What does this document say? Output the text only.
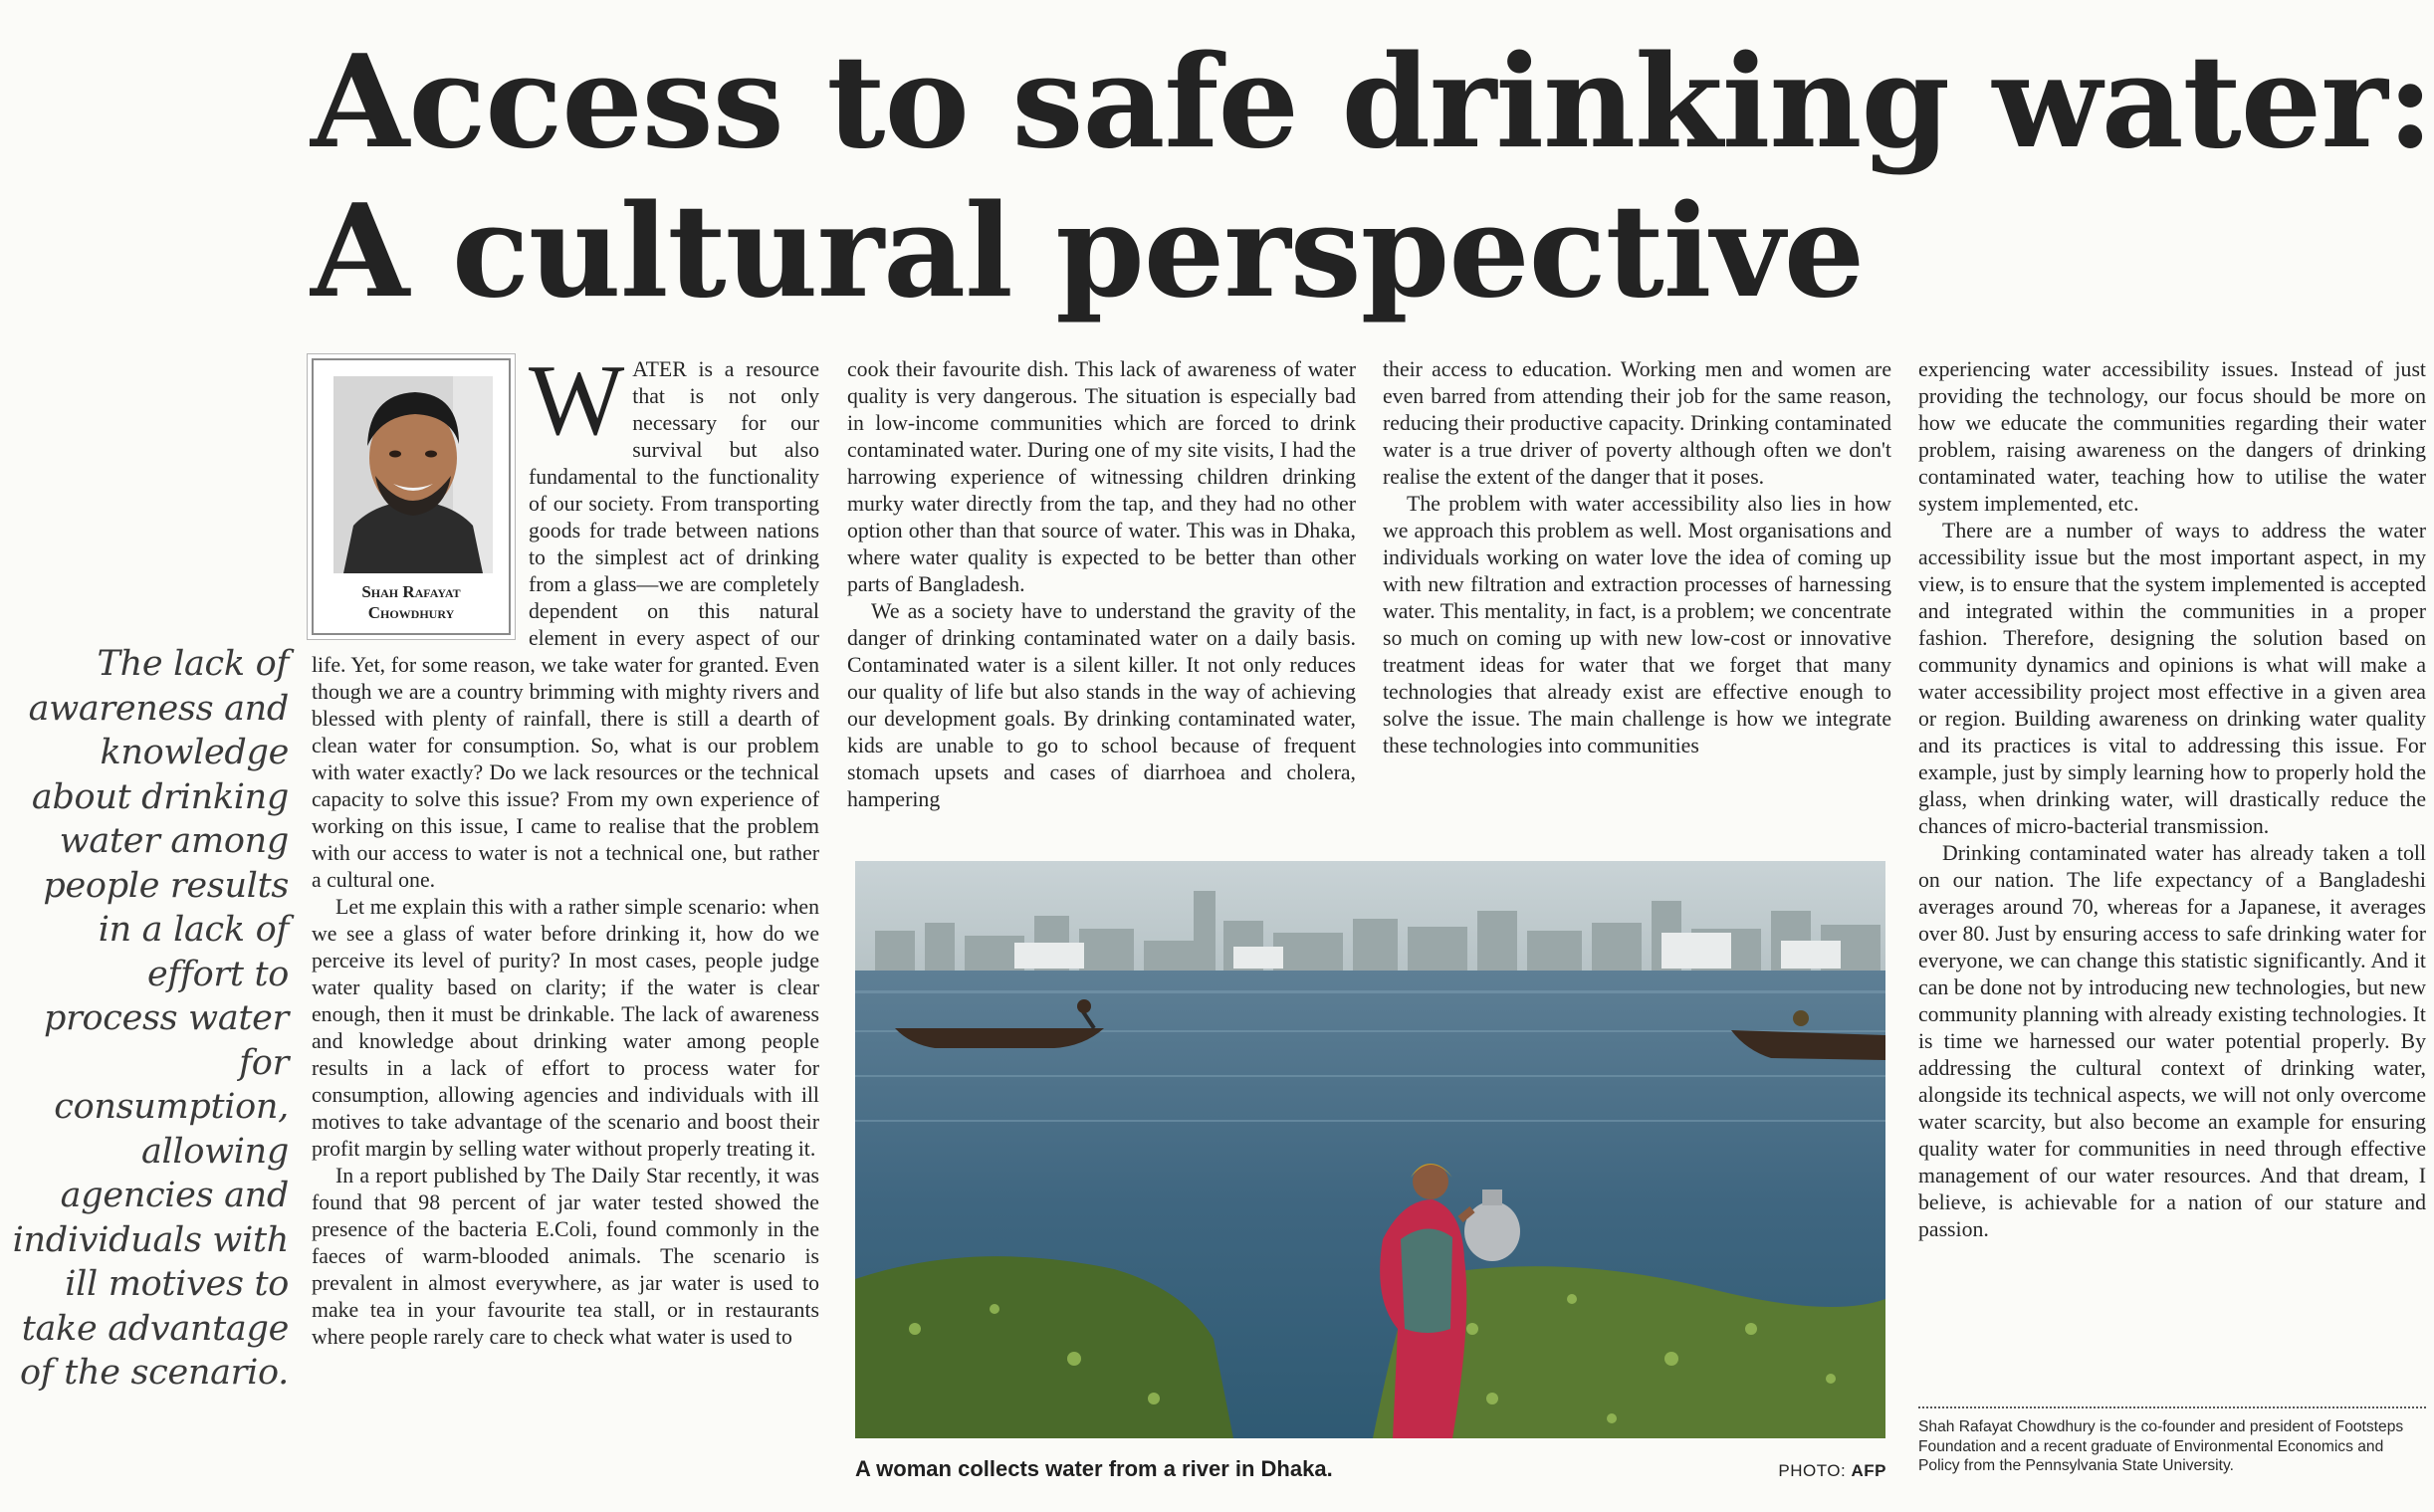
Access to safe drinking water:
A cultural perspective

The lack of awareness and knowledge about drinking water among people results in a lack of effort to process water for consumption, allowing agencies and individuals with ill motives to take advantage of the scenario.

Shah Rafayat
Chowdhury

WATER is a resource that is not only necessary for our survival but also fundamental to the functionality of our society. From transporting goods for trade between nations to the simplest act of drinking from a glass—we are completely dependent on this natural element in every aspect of our life. Yet, for some reason, we take water for granted. Even though we are a country brimming with mighty rivers and blessed with plenty of rainfall, there is still a dearth of clean water for consumption. So, what is our problem with water exactly? Do we lack resources or the technical capacity to solve this issue? From my own experience of working on this issue, I came to realise that the problem with our access to water is not a technical one, but rather a cultural one.

Let me explain this with a rather simple scenario: when we see a glass of water before drinking it, how do we perceive its level of purity? In most cases, people judge water quality based on clarity; if the water is clear enough, then it must be drinkable. The lack of awareness and knowledge about drinking water among people results in a lack of effort to process water for consumption, allowing agencies and individuals with ill motives to take advantage of the scenario and boost their profit margin by selling water without properly treating it.

In a report published by The Daily Star recently, it was found that 98 percent of jar water tested showed the presence of the bacteria E.Coli, found commonly in the faeces of warm-blooded animals. The scenario is prevalent in almost everywhere, as jar water is used to make tea in your favourite tea stall, or in restaurants where people rarely care to check what water is used to

cook their favourite dish. This lack of awareness of water quality is very dangerous. The situation is especially bad in low-income communities which are forced to drink contaminated water. During one of my site visits, I had the harrowing experience of witnessing children drinking murky water directly from the tap, and they had no other option other than that source of water. This was in Dhaka, where water quality is expected to be better than other parts of Bangladesh.

We as a society have to understand the gravity of the danger of drinking contaminated water on a daily basis. Contaminated water is a silent killer. It not only reduces our quality of life but also stands in the way of achieving our development goals. By drinking contaminated water, kids are unable to go to school because of frequent stomach upsets and cases of diarrhoea and cholera, hampering

their access to education. Working men and women are even barred from attending their job for the same reason, reducing their productive capacity. Drinking contaminated water is a true driver of poverty although often we don't realise the extent of the danger that it poses.

The problem with water accessibility also lies in how we approach this problem as well. Most organisations and individuals working on water love the idea of coming up with new filtration and extraction processes of harnessing water. This mentality, in fact, is a problem; we concentrate so much on coming up with new low-cost or innovative treatment ideas for water that we forget that many technologies that already exist are effective enough to solve the issue. The main challenge is how we integrate these technologies into communities

experiencing water accessibility issues. Instead of just providing the technology, our focus should be more on how we educate the communities regarding their water problem, raising awareness on the dangers of drinking contaminated water, teaching how to utilise the water system implemented, etc.

There are a number of ways to address the water accessibility issue but the most important aspect, in my view, is to ensure that the system implemented is accepted and integrated within the communities in a proper fashion. Therefore, designing the solution based on community dynamics and opinions is what will make a water accessibility project most effective in a given area or region. Building awareness on drinking water quality and its practices is vital to addressing this issue. For example, just by simply learning how to properly hold the glass, when drinking water, will drastically reduce the chances of micro-bacterial transmission.

Drinking contaminated water has already taken a toll on our nation. The life expectancy of a Bangladeshi averages around 70, whereas for a Japanese, it averages over 80. Just by ensuring access to safe drinking water for everyone, we can change this statistic significantly. And it can be done not by introducing new technologies, but new community planning with already existing technologies. It is time we harnessed our water potential properly. By addressing the cultural context of drinking water, alongside its technical aspects, we will not only overcome water scarcity, but also become an example for ensuring quality water for communities in need through effective management of our water resources. And that dream, I believe, is achievable for a nation of our stature and passion.

A woman collects water from a river in Dhaka.	PHOTO: AFP

Shah Rafayat Chowdhury is the co-founder and president of Footsteps Foundation and a recent graduate of Environmental Economics and Policy from the Pennsylvania State University.
